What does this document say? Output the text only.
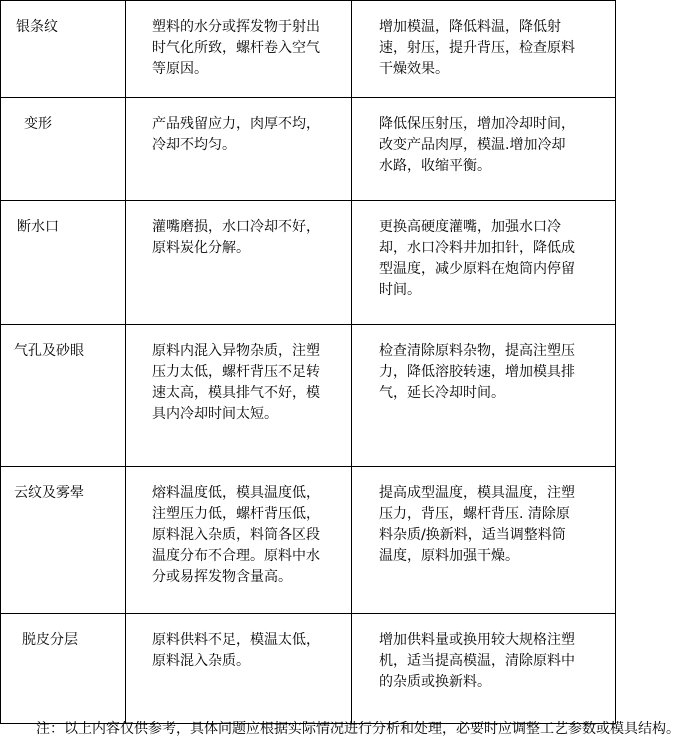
银条纹	塑料的水分或挥发物于射出时气化所致，螺杆卷入空气等原因。	增加模温，降低料温，降低射速，射压，提升背压，检查原料干燥效果。

变形	产品残留应力，肉厚不均，冷却不均匀。	降低保压射压，增加冷却时间，改变产品肉厚，模温.增加冷却水路，收缩平衡。

断水口	灌嘴磨损，水口冷却不好，原料炭化分解。	更换高硬度灌嘴，加强水口冷却，水口冷料井加扣针，降低成型温度，减少原料在炮筒内停留时间。

气孔及砂眼	原料内混入异物杂质，注塑压力太低，螺杆背压不足转速太高，模具排气不好，模具内冷却时间太短。	检查清除原料杂物，提高注塑压力，降低溶胶转速，增加模具排气，延长冷却时间。

云纹及雾晕	熔料温度低，模具温度低，注塑压力低，螺杆背压低，原料混入杂质，料筒各区段温度分布不合理。原料中水分或易挥发物含量高。	提高成型温度，模具温度，注塑压力，背压，螺杆背压. 清除原料杂质/换新料，适当调整料筒温度，原料加强干燥。

脱皮分层	原料供料不足，模温太低，原料混入杂质。	增加供料量或换用较大规格注塑机，适当提高模温，清除原料中的杂质或换新料。
注：以上内容仅供参考，具体问题应根据实际情况进行分析和处理，必要时应调整工艺参数或模具结构。
